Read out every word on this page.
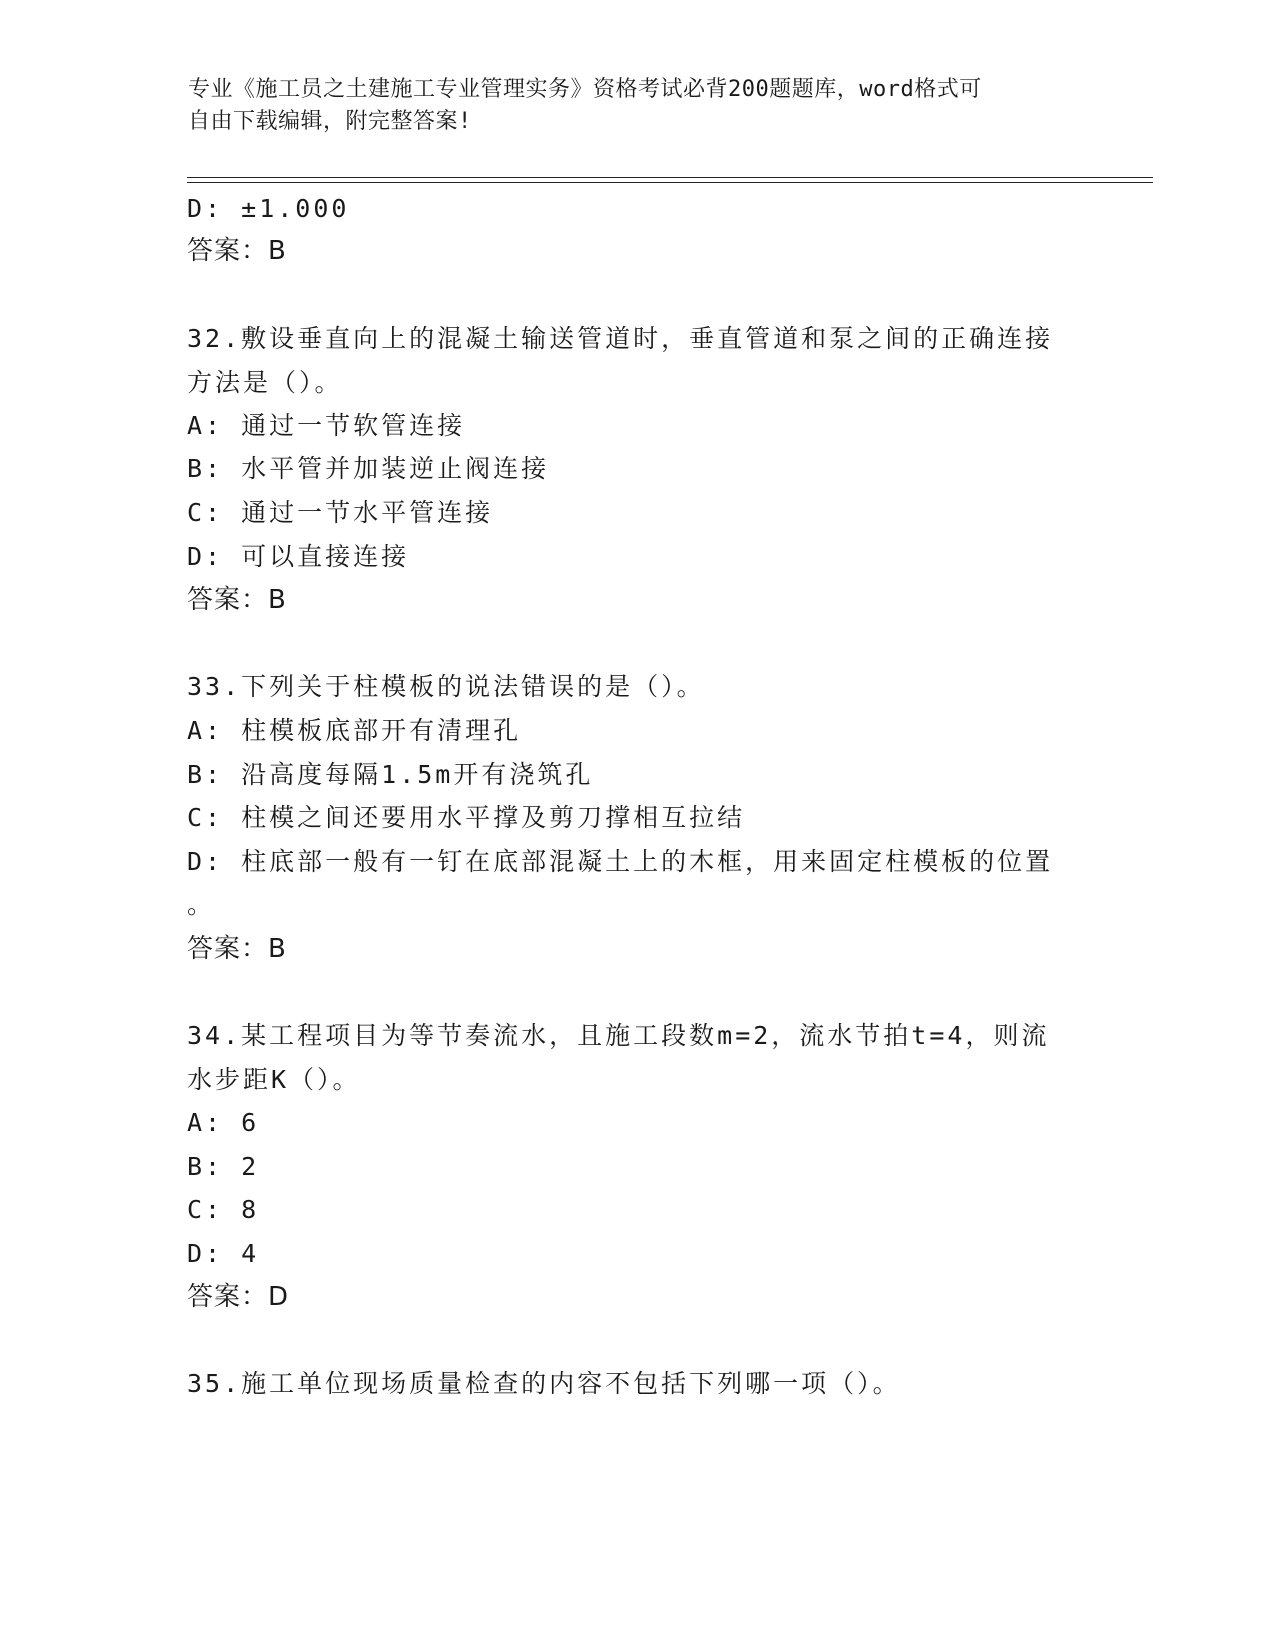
专业《施工员之土建施工专业管理实务》资格考试必背200题题库，word格式可
自由下载编辑，附完整答案!
D: ±1.000
答案：B
32.敷设垂直向上的混凝土输送管道时，垂直管道和泵之间的正确连接
方法是（）。
A: 通过一节软管连接
B: 水平管并加装逆止阀连接
C: 通过一节水平管连接
D: 可以直接连接
答案：B
33.下列关于柱模板的说法错误的是（）。
A: 柱模板底部开有清理孔
B: 沿高度每隔1.5m开有浇筑孔
C: 柱模之间还要用水平撑及剪刀撑相互拉结
D: 柱底部一般有一钉在底部混凝土上的木框，用来固定柱模板的位置
。
答案：B
34.某工程项目为等节奏流水，且施工段数m=2，流水节拍t=4，则流
水步距K（）。
A: 6
B: 2
C: 8
D: 4
答案：D
35.施工单位现场质量检查的内容不包括下列哪一项（）。
